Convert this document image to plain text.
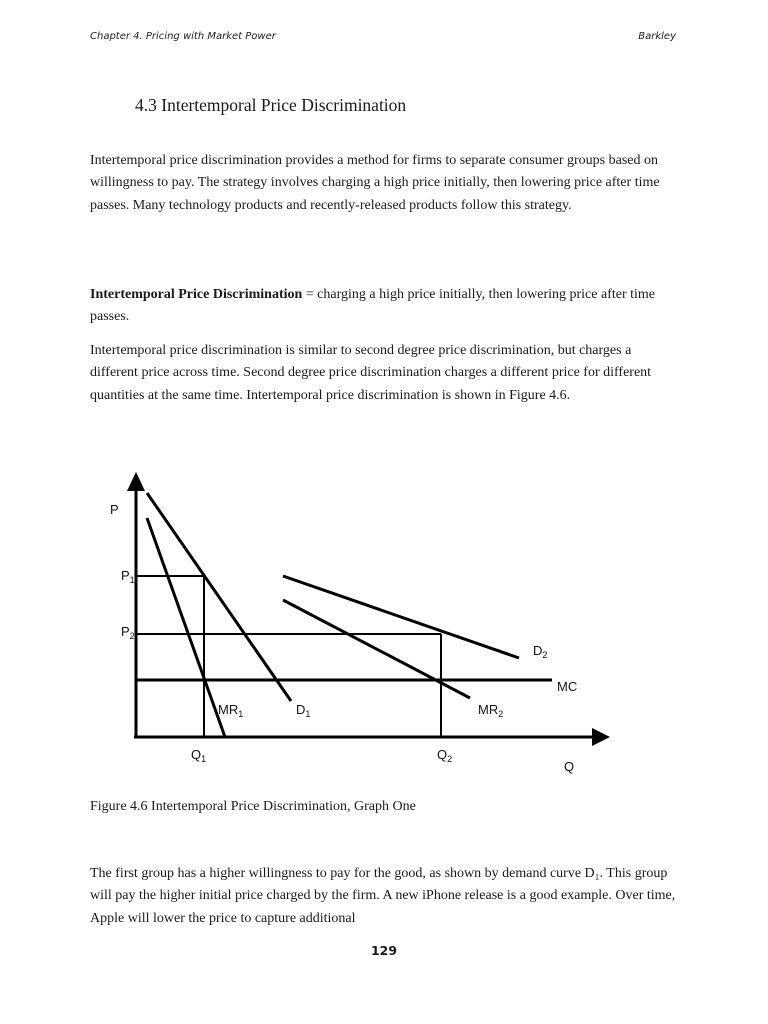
Chapter 4. Pricing with Market Power	Barkley
4.3 Intertemporal Price Discrimination

Intertemporal price discrimination provides a method for firms to separate consumer groups based on willingness to pay. The strategy involves charging a high price initially, then lowering price after time passes. Many technology products and recently-released products follow this strategy.

Intertemporal Price Discrimination = charging a high price initially, then lowering price after time passes.

Intertemporal price discrimination is similar to second degree price discrimination, but charges a different price across time. Second degree price discrimination charges a different price for different quantities at the same time. Intertemporal price discrimination is shown in Figure 4.6.

P
Q
$P_1$
$P_2$
$Q_1$	$Q_2$
$D_2$
MC
$MR_1$	$D_1$	$MR_2$

Figure 4.6 Intertemporal Price Discrimination, Graph One

The first group has a higher willingness to pay for the good, as shown by demand curve D₁. This group will pay the higher initial price charged by the firm. A new iPhone release is a good example. Over time, Apple will lower the price to capture additional

129
